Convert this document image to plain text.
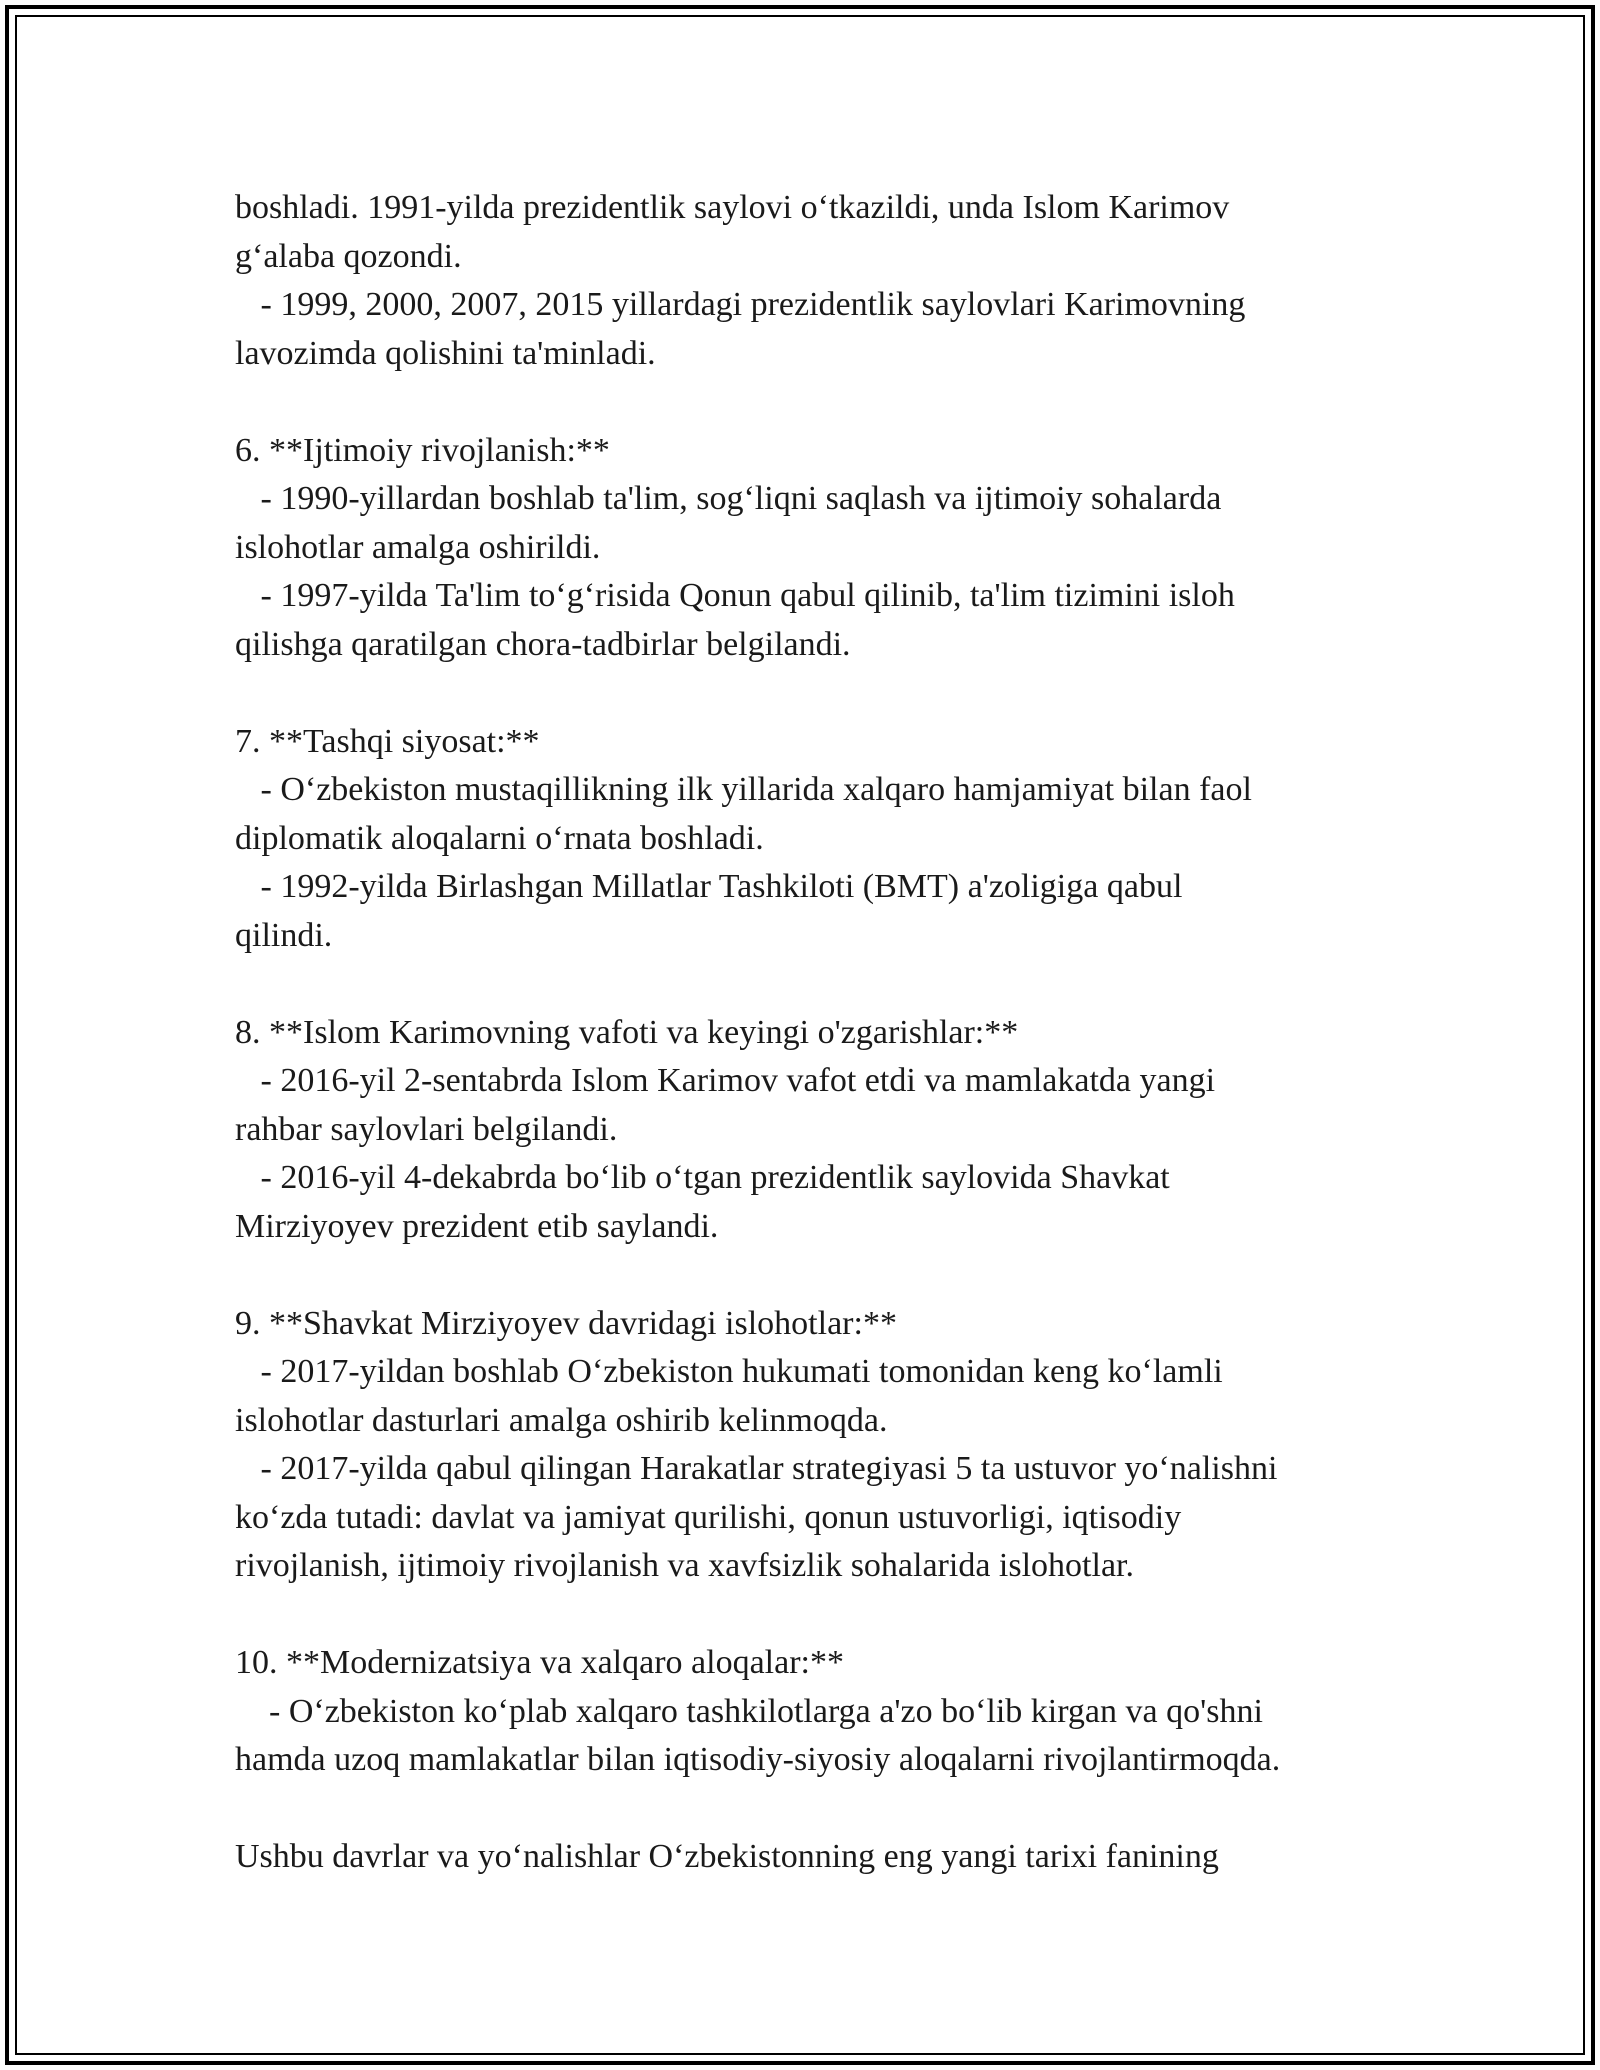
boshladi. 1991-yilda prezidentlik saylovi o‘tkazildi, unda Islom Karimov
g‘alaba qozondi.
- 1999, 2000, 2007, 2015 yillardagi prezidentlik saylovlari Karimovning
lavozimda qolishini ta'minladi.
6. **Ijtimoiy rivojlanish:**
- 1990-yillardan boshlab ta'lim, sog‘liqni saqlash va ijtimoiy sohalarda
islohotlar amalga oshirildi.
- 1997-yilda Ta'lim to‘g‘risida Qonun qabul qilinib, ta'lim tizimini isloh
qilishga qaratilgan chora-tadbirlar belgilandi.
7. **Tashqi siyosat:**
- O‘zbekiston mustaqillikning ilk yillarida xalqaro hamjamiyat bilan faol
diplomatik aloqalarni o‘rnata boshladi.
- 1992-yilda Birlashgan Millatlar Tashkiloti (BMT) a'zoligiga qabul
qilindi.
8. **Islom Karimovning vafoti va keyingi o'zgarishlar:**
- 2016-yil 2-sentabrda Islom Karimov vafot etdi va mamlakatda yangi
rahbar saylovlari belgilandi.
- 2016-yil 4-dekabrda bo‘lib o‘tgan prezidentlik saylovida Shavkat
Mirziyoyev prezident etib saylandi.
9. **Shavkat Mirziyoyev davridagi islohotlar:**
- 2017-yildan boshlab O‘zbekiston hukumati tomonidan keng ko‘lamli
islohotlar dasturlari amalga oshirib kelinmoqda.
- 2017-yilda qabul qilingan Harakatlar strategiyasi 5 ta ustuvor yo‘nalishni
ko‘zda tutadi: davlat va jamiyat qurilishi, qonun ustuvorligi, iqtisodiy
rivojlanish, ijtimoiy rivojlanish va xavfsizlik sohalarida islohotlar.
10. **Modernizatsiya va xalqaro aloqalar:**
- O‘zbekiston ko‘plab xalqaro tashkilotlarga a'zo bo‘lib kirgan va qo'shni
hamda uzoq mamlakatlar bilan iqtisodiy-siyosiy aloqalarni rivojlantirmoqda.
Ushbu davrlar va yo‘nalishlar O‘zbekistonning eng yangi tarixi fanining
